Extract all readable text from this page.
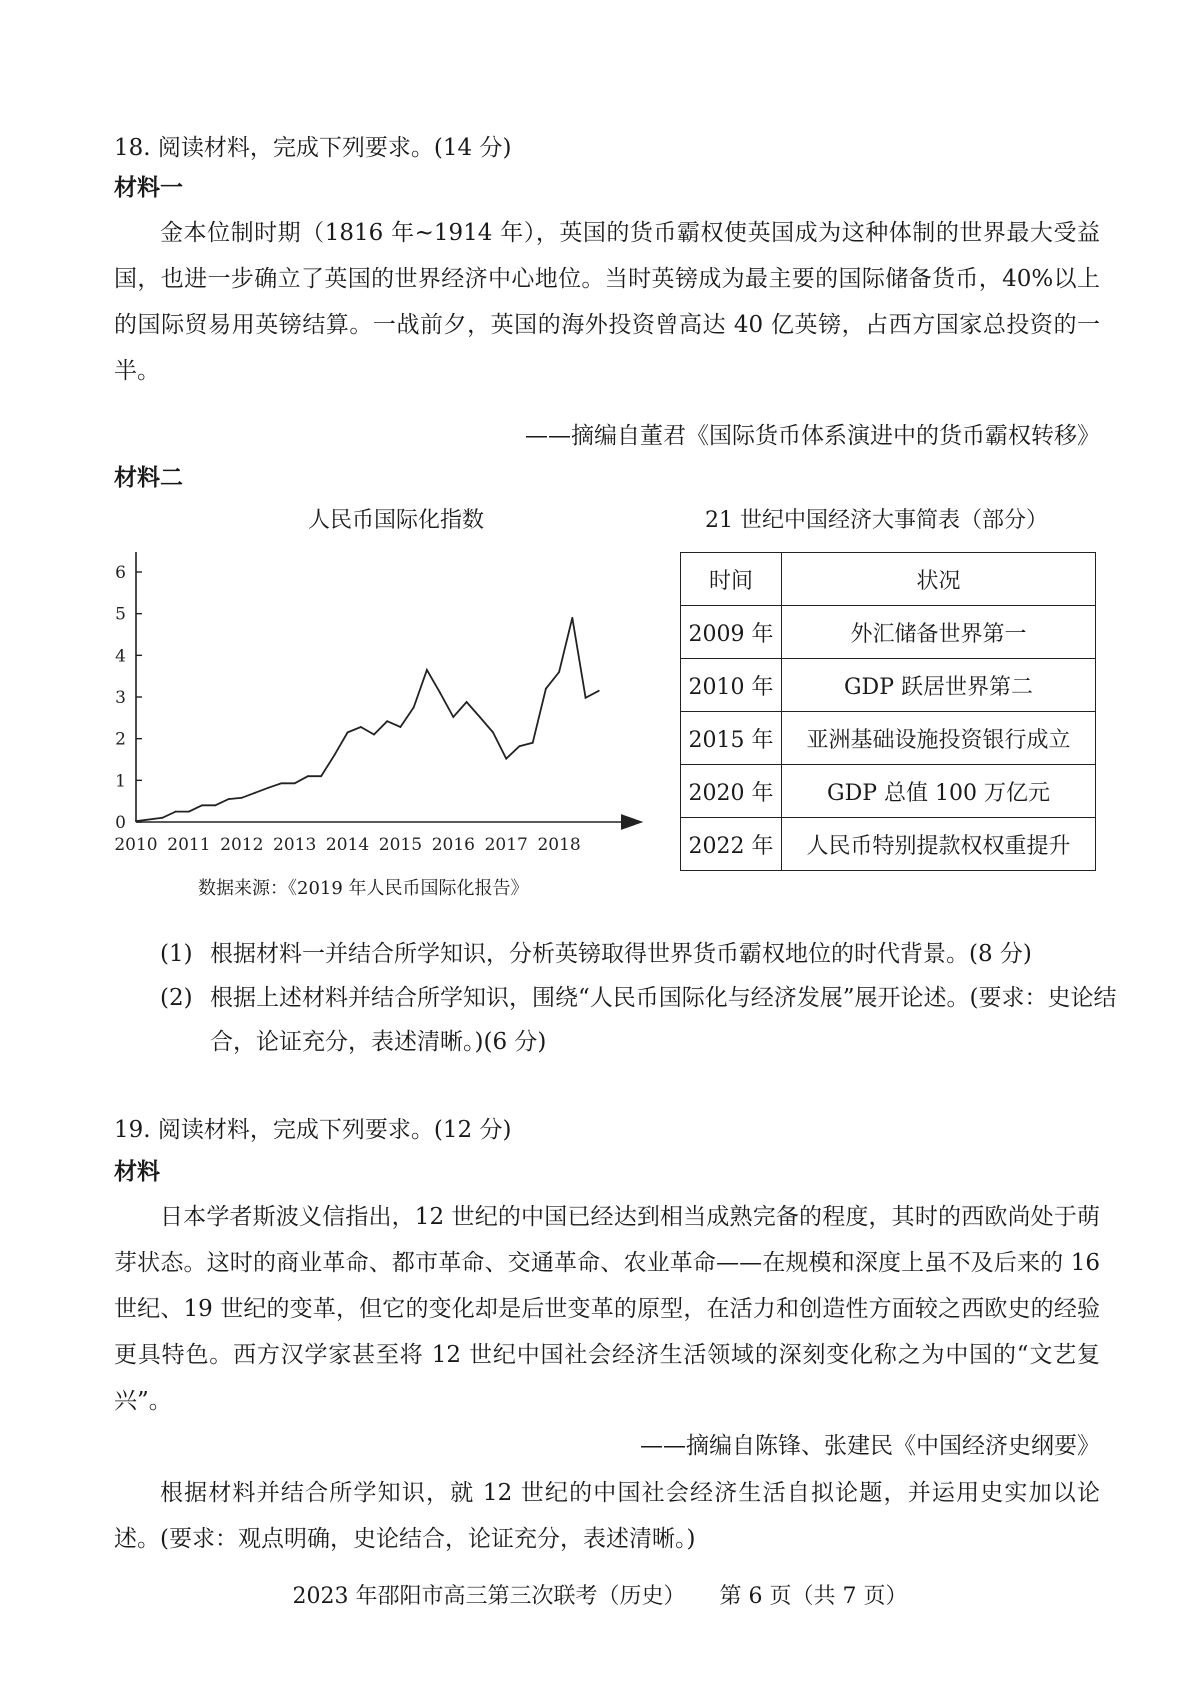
18. 阅读材料，完成下列要求。(14 分)
材料一
金本位制时期（1816 年~1914 年），英国的货币霸权使英国成为这种体制的世界最大受益国，也进一步确立了英国的世界经济中心地位。当时英镑成为最主要的国际储备货币，40%以上的国际贸易用英镑结算。一战前夕，英国的海外投资曾高达 40 亿英镑，占西方国家总投资的一半。
——摘编自董君《国际货币体系演进中的货币霸权转移》
材料二
人民币国际化指数
0
1
2
3
4
5
6
2010 2011 2012 2013 2014 2015 2016 2017 2018
数据来源：《2019 年人民币国际化报告》
21 世纪中国经济大事简表（部分）
时间	状况
2009 年	外汇储备世界第一
2010 年	GDP 跃居世界第二
2015 年	亚洲基础设施投资银行成立
2020 年	GDP 总值 100 万亿元
2022 年	人民币特别提款权权重提升
(1) 根据材料一并结合所学知识，分析英镑取得世界货币霸权地位的时代背景。(8 分)
(2) 根据上述材料并结合所学知识，围绕“人民币国际化与经济发展”展开论述。(要求：史论结合，论证充分，表述清晰。)(6 分)
19. 阅读材料，完成下列要求。(12 分)
材料
日本学者斯波义信指出，12 世纪的中国已经达到相当成熟完备的程度，其时的西欧尚处于萌芽状态。这时的商业革命、都市革命、交通革命、农业革命——在规模和深度上虽不及后来的 16 世纪、19 世纪的变革，但它的变化却是后世变革的原型，在活力和创造性方面较之西欧史的经验更具特色。西方汉学家甚至将 12 世纪中国社会经济生活领域的深刻变化称之为中国的“文艺复兴”。
——摘编自陈锋、张建民《中国经济史纲要》
根据材料并结合所学知识，就 12 世纪的中国社会经济生活自拟论题，并运用史实加以论述。(要求：观点明确，史论结合，论证充分，表述清晰。)
2023 年邵阳市高三第三次联考（历史） 第 6 页（共 7 页）
